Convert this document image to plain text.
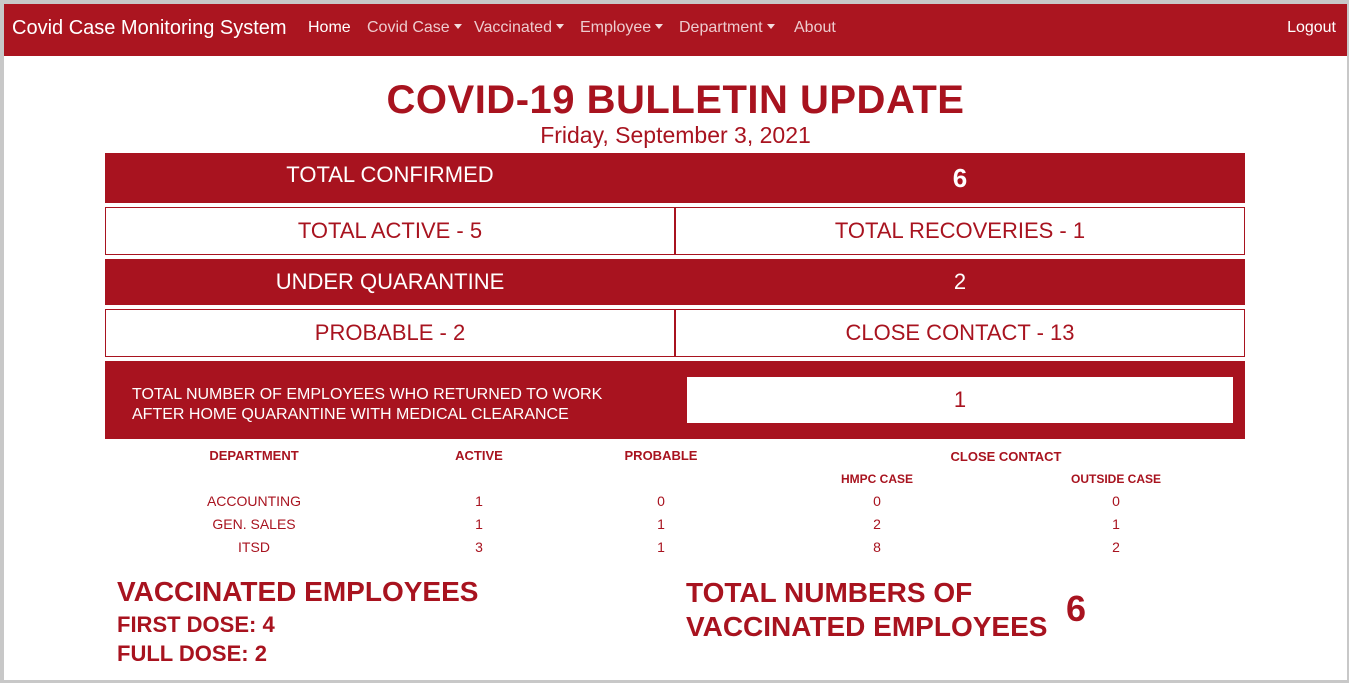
Covid Case Monitoring System Home Covid Case	Vaccinated	Employee	Department	About	Logout
COVID-19 BULLETIN UPDATE
Friday, September 3, 2021
TOTAL CONFIRMED	6
TOTAL ACTIVE - 5	TOTAL RECOVERIES - 1
UNDER QUARANTINE	2
PROBABLE - 2	CLOSE CONTACT - 13
TOTAL NUMBER OF EMPLOYEES WHO RETURNED TO WORK AFTER HOME QUARANTINE WITH MEDICAL CLEARANCE
1
DEPARTMENT	ACTIVE	PROBABLE	CLOSE CONTACT
HMPC CASE	OUTSIDE CASE
ACCOUNTING	1	0	0	0
GEN. SALES	1	1	2	1
ITSD	3	1	8	2
VACCINATED EMPLOYEES
FIRST DOSE: 4
FULL DOSE: 2
TOTAL NUMBERS OF
VACCINATED EMPLOYEES 6
